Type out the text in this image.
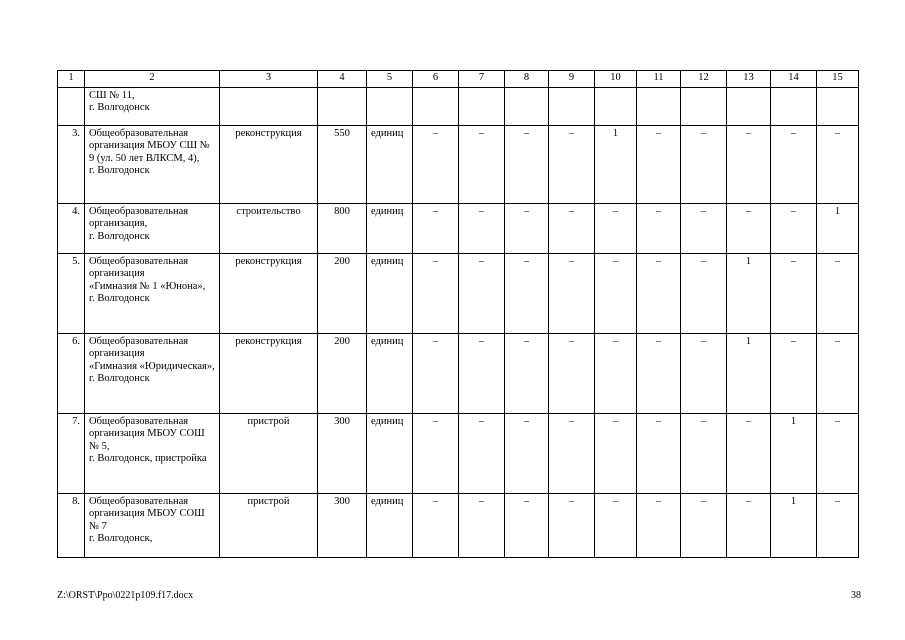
1	2	3	4	5	6	7	8	9	10	11	12	13	14	15
	СШ № 11,
г. Волгодонск													
3.	Общеобразовательная организация МБОУ СШ № 9 (ул. 50 лет ВЛКСМ, 4),
г. Волгодонск	реконструкция	550	единиц	–	–	–	–	1	–	–	–	–	–
4.	Общеобразовательная организация,
г. Волгодонск	строительство	800	единиц	–	–	–	–	–	–	–	–	–	1
5.	Общеобразовательная организация
«Гимназия № 1 «Юнона»,
г. Волгодонск	реконструкция	200	единиц	–	–	–	–	–	–	–	1	–	–
6.	Общеобразовательная организация
«Гимназия «Юридическая»,
г. Волгодонск	реконструкция	200	единиц	–	–	–	–	–	–	–	1	–	–
7.	Общеобразовательная организация МБОУ СОШ № 5,
г. Волгодонск, пристройка	пристрой	300	единиц	–	–	–	–	–	–	–	–	1	–
8.	Общеобразовательная организация МБОУ СОШ № 7
г. Волгодонск,	пристрой	300	единиц	–	–	–	–	–	–	–	–	1	–
Z:\ORST\Ppo\0221p109.f17.docx	38
